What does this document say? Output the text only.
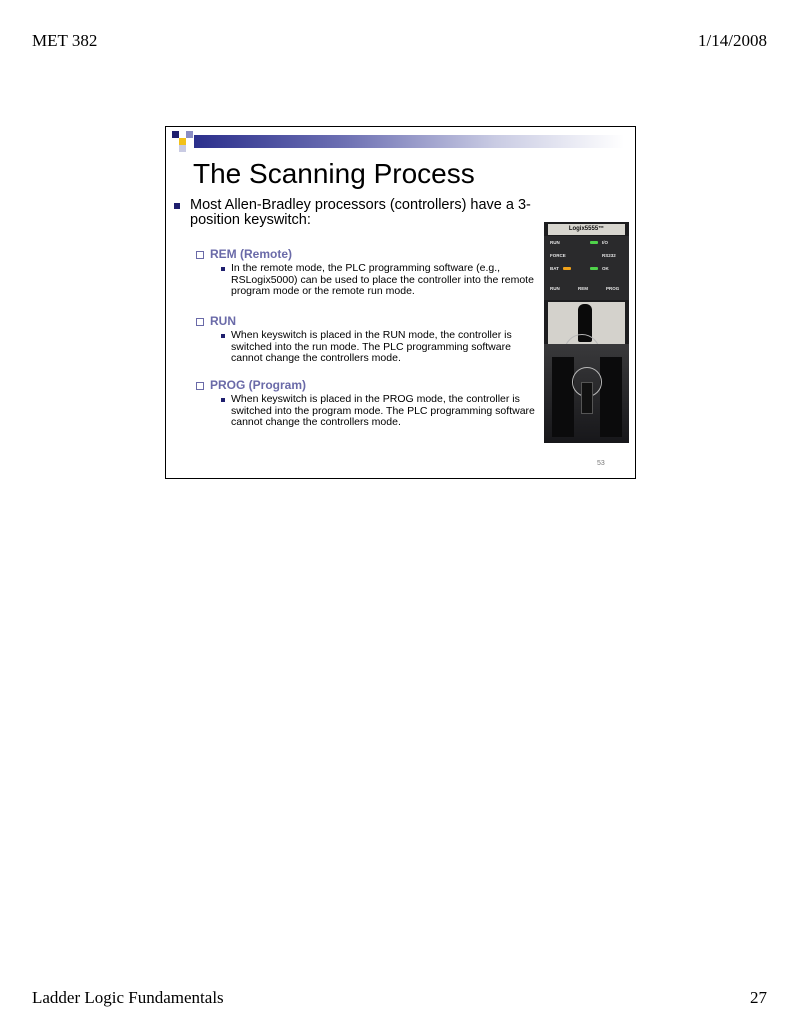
MET 382	1/14/2008
The Scanning Process
Most Allen-Bradley processors (controllers) have a 3-position keyswitch:
REM (Remote)
In the remote mode, the PLC programming software (e.g., RSLogix5000) can be used to place the controller into the remote program mode or the remote run mode.
RUN
When keyswitch is placed in the RUN mode, the controller is switched into the run mode. The PLC programming software cannot change the controllers mode.
PROG (Program)
When keyswitch is placed in the PROG mode, the controller is switched into the program mode. The PLC programming software cannot change the controllers mode.
Logix5555™
RUN	I/O
FORCE	RS232
BAT	OK
RUN	REM	PROG
53
Ladder Logic Fundamentals	27
